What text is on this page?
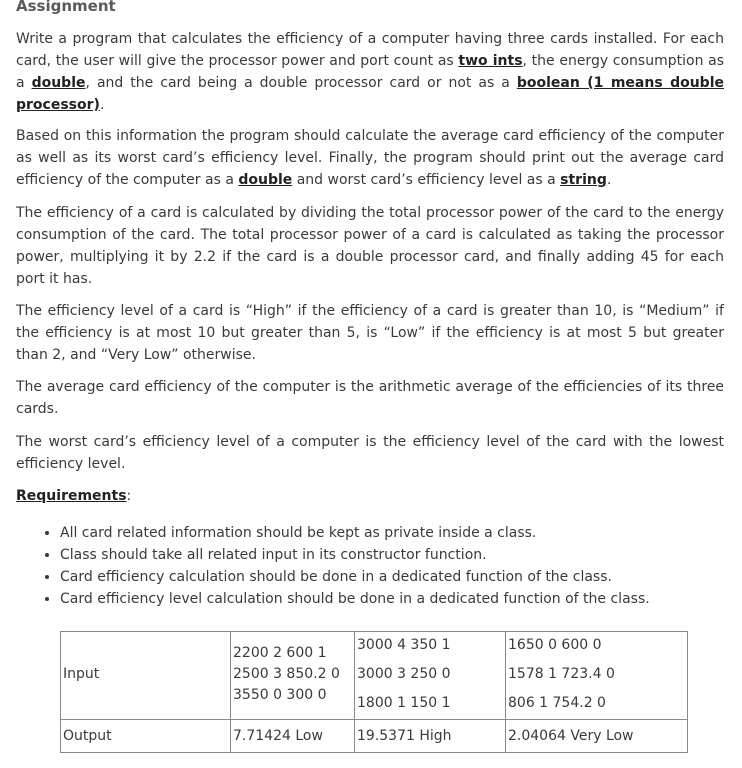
Assignment

Write a program that calculates the efficiency of a computer having three cards installed. For each card, the user will give the processor power and port count as two ints, the energy consumption as a double, and the card being a double processor card or not as a boolean (1 means double processor).

Based on this information the program should calculate the average card efficiency of the computer as well as its worst card’s efficiency level. Finally, the program should print out the average card efficiency of the computer as a double and worst card’s efficiency level as a string.

The efficiency of a card is calculated by dividing the total processor power of the card to the energy consumption of the card. The total processor power of a card is calculated as taking the processor power, multiplying it by 2.2 if the card is a double processor card, and finally adding 45 for each port it has.

The efficiency level of a card is “High” if the efficiency of a card is greater than 10, is “Medium” if the efficiency is at most 10 but greater than 5, is “Low” if the efficiency is at most 5 but greater than 2, and “Very Low” otherwise.

The average card efficiency of the computer is the arithmetic average of the efficiencies of its three cards.

The worst card’s efficiency level of a computer is the efficiency level of the card with the lowest efficiency level.

Requirements:

• All card related information should be kept as private inside a class.
• Class should take all related input in its constructor function.
• Card efficiency calculation should be done in a dedicated function of the class.
• Card efficiency level calculation should be done in a dedicated function of the class.
Input	2200 2 600 1
2500 3 850.2 0
3550 0 300 0	3000 4 350 1
3000 3 250 0
1800 1 150 1	1650 0 600 0
1578 1 723.4 0
806 1 754.2 0

Output	7.71424 Low	19.5371 High	2.04064 Very Low
